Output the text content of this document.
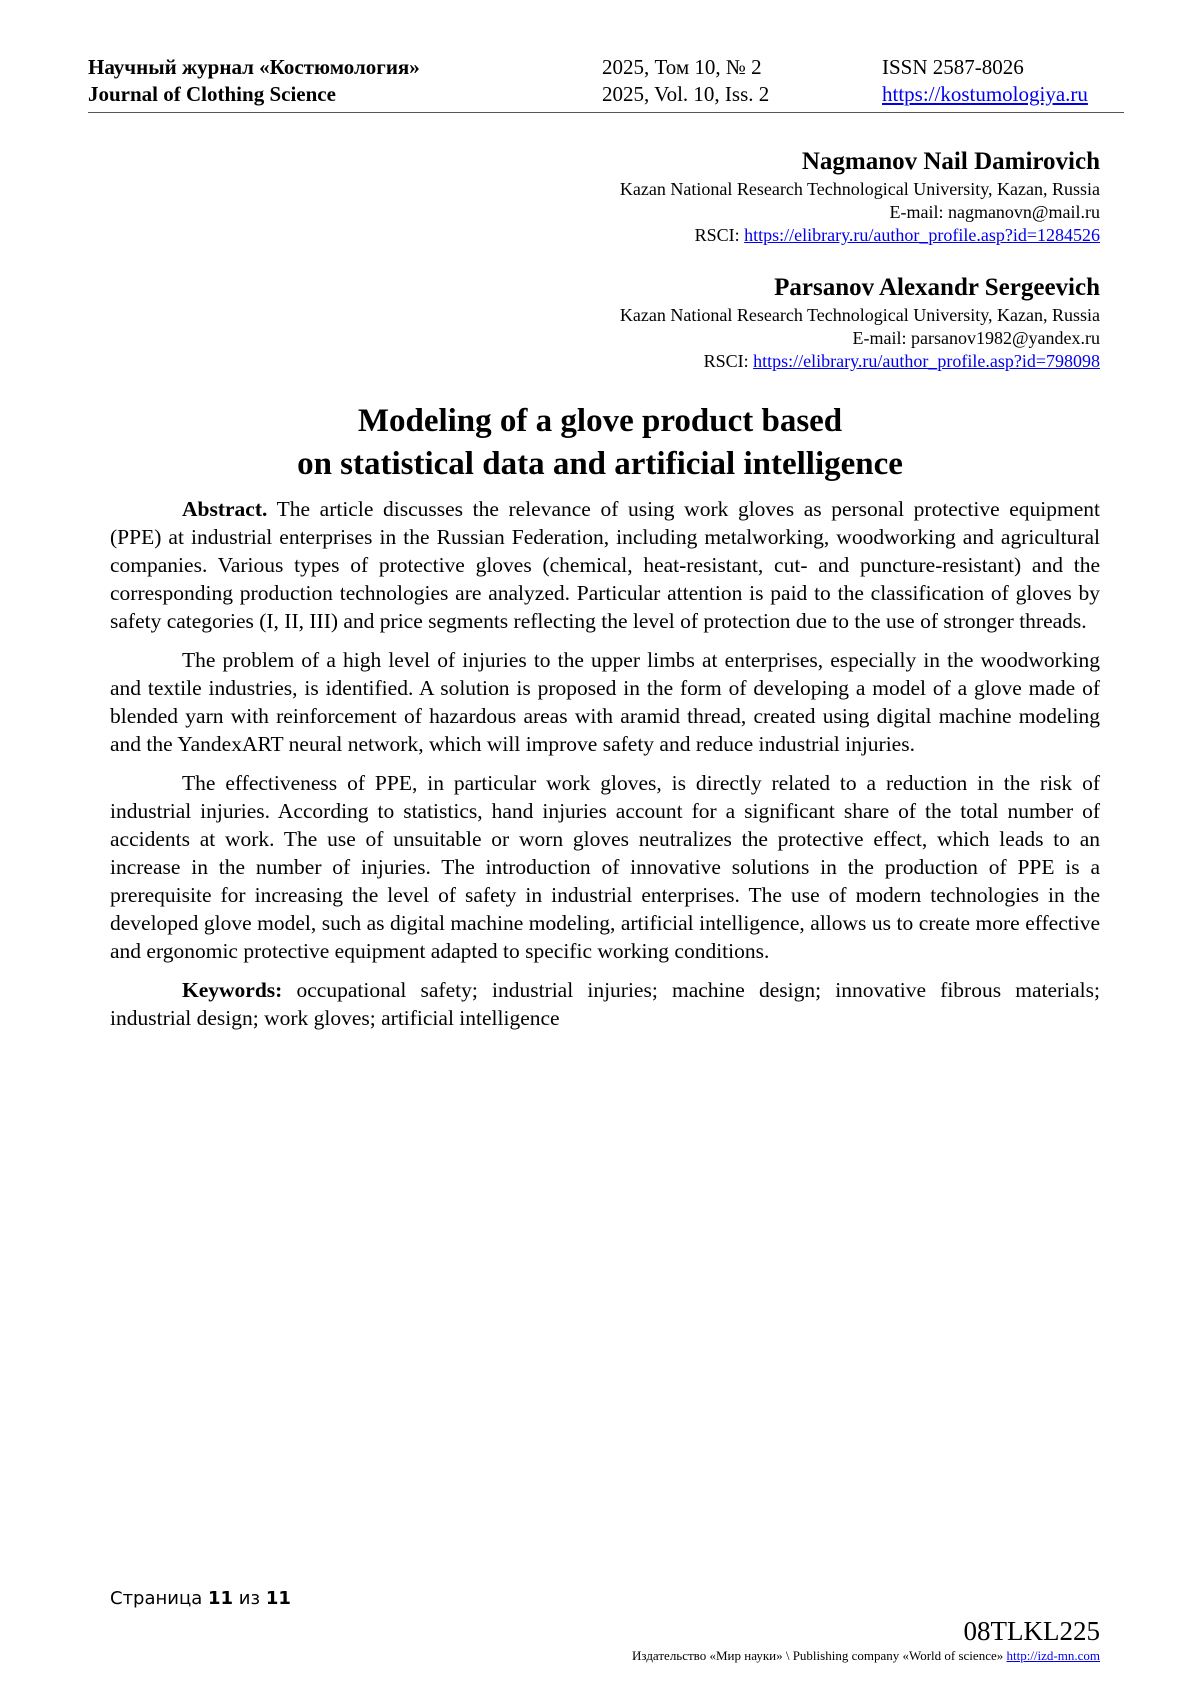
Научный журнал «Костюмология»
Journal of Clothing Science
2025, Том 10, № 2
2025, Vol. 10, Iss. 2
ISSN 2587-8026
https://kostumologiya.ru
Nagmanov Nail Damirovich
Kazan National Research Technological University, Kazan, Russia
E-mail: nagmanovn@mail.ru
RSCI: https://elibrary.ru/author_profile.asp?id=1284526
Parsanov Alexandr Sergeevich
Kazan National Research Technological University, Kazan, Russia
E-mail: parsanov1982@yandex.ru
RSCI: https://elibrary.ru/author_profile.asp?id=798098
Modeling of a glove product based
on statistical data and artificial intelligence

Abstract. The article discusses the relevance of using work gloves as personal protective equipment (PPE) at industrial enterprises in the Russian Federation, including metalworking, woodworking and agricultural companies. Various types of protective gloves (chemical, heat-resistant, cut- and puncture-resistant) and the corresponding production technologies are analyzed. Particular attention is paid to the classification of gloves by safety categories (I, II, III) and price segments reflecting the level of protection due to the use of stronger threads.

The problem of a high level of injuries to the upper limbs at enterprises, especially in the woodworking and textile industries, is identified. A solution is proposed in the form of developing a model of a glove made of blended yarn with reinforcement of hazardous areas with aramid thread, created using digital machine modeling and the YandexART neural network, which will improve safety and reduce industrial injuries.

The effectiveness of PPE, in particular work gloves, is directly related to a reduction in the risk of industrial injuries. According to statistics, hand injuries account for a significant share of the total number of accidents at work. The use of unsuitable or worn gloves neutralizes the protective effect, which leads to an increase in the number of injuries. The introduction of innovative solutions in the production of PPE is a prerequisite for increasing the level of safety in industrial enterprises. The use of modern technologies in the developed glove model, such as digital machine modeling, artificial intelligence, allows us to create more effective and ergonomic protective equipment adapted to specific working conditions.

Keywords: occupational safety; industrial injuries; machine design; innovative fibrous materials; industrial design; work gloves; artificial intelligence

Страница 11 из 11
08TLKL225
Издательство «Мир науки» \ Publishing company «World of science» http://izd-mn.com
